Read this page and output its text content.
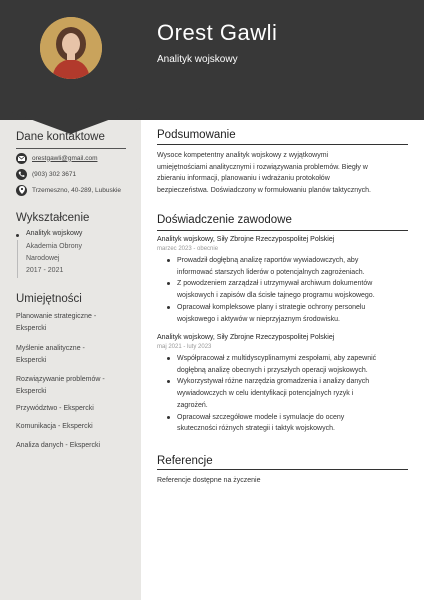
Orest Gawli
Analityk wojskowy
Dane kontaktowe
orestgawli@gmail.com
(903) 302 3671
Trzemeszno, 40-289, Lubuskie
Wykształcenie
Analityk wojskowy
Akademia Obrony
Narodowej
2017 - 2021
Umiejętności
Planowanie strategiczne -
Ekspercki
Myślenie analityczne -
Ekspercki
Rozwiązywanie problemów -
Ekspercki
Przywództwo - Ekspercki
Komunikacja - Ekspercki
Analiza danych - Ekspercki
Podsumowanie
Wysoce kompetentny analityk wojskowy z wyjątkowymi
umiejętnościami analitycznymi i rozwiązywania problemów. Biegły w
zbieraniu informacji, planowaniu i wdrażaniu protokołów
bezpieczeństwa. Doświadczony w formułowaniu planów taktycznych.
Doświadczenie zawodowe
Analityk wojskowy, Siły Zbrojne Rzeczypospolitej Polskiej
marzec 2023 - obecnie
Prowadził dogłębną analizę raportów wywiadowczych, aby
informować starszych liderów o potencjalnych zagrożeniach.
Z powodzeniem zarządzał i utrzymywał archiwum dokumentów
wojskowych i zapisów dla ścisłe tajnego programu wojskowego.
Opracował kompleksowe plany i strategie ochrony personelu
wojskowego i aktywów w nieprzyjaznym środowisku.
Analityk wojskowy, Siły Zbrojne Rzeczypospolitej Polskiej
maj 2021 - luty 2023
Współpracował z multidyscyplinarnymi zespołami, aby zapewnić
dogłębną analizę obecnych i przyszłych operacji wojskowych.
Wykorzystywał różne narzędzia gromadzenia i analizy danych
wywiadowczych w celu identyfikacji potencjalnych ryzyk i
zagrożeń.
Opracował szczegółowe modele i symulacje do oceny
skuteczności różnych strategii i taktyk wojskowych.
Referencje
Referencje dostępne na życzenie
